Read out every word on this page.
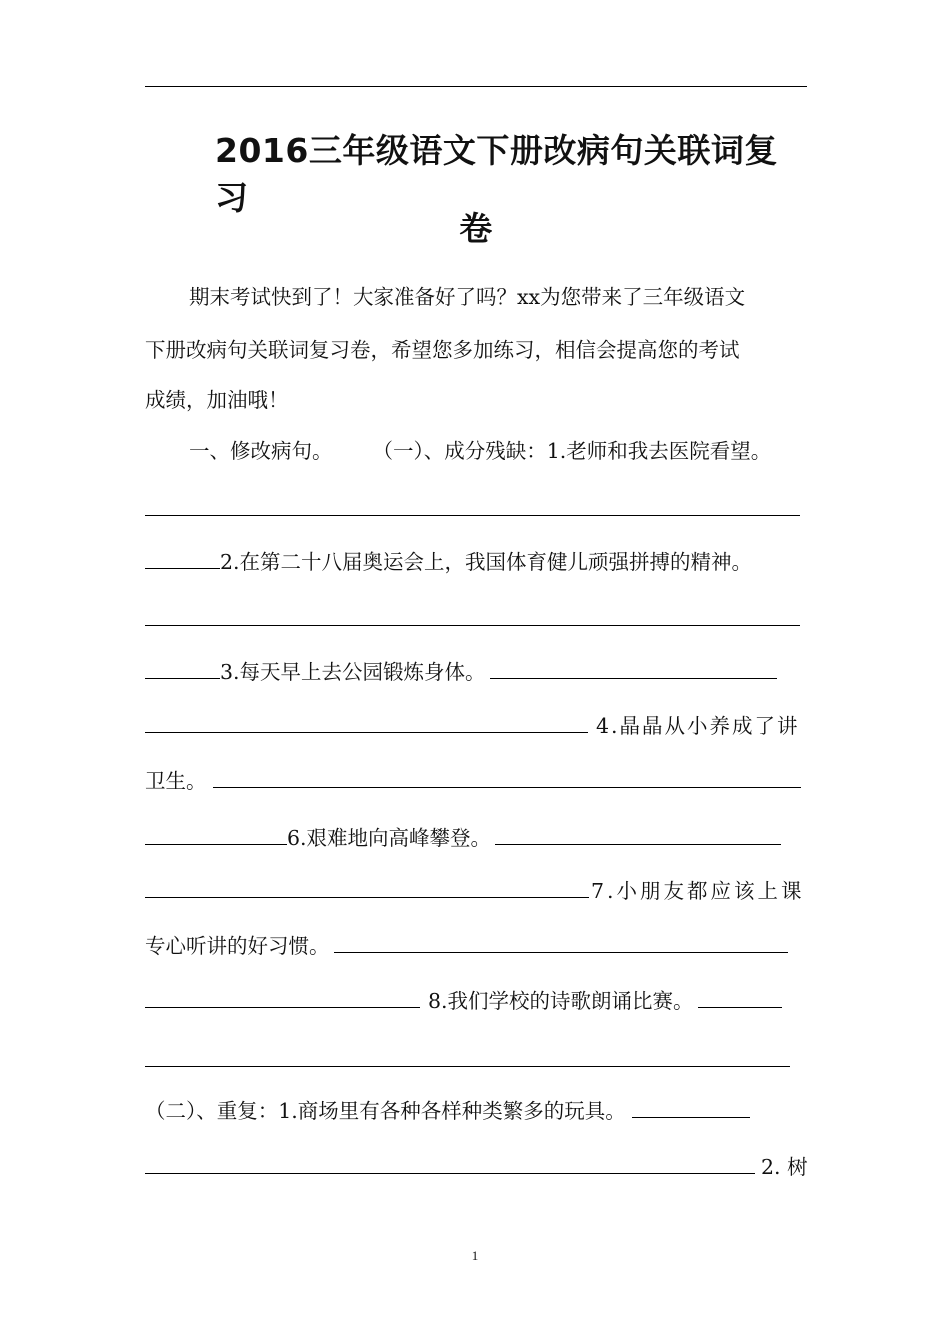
2016三年级语文下册改病句关联词复习
卷
期末考试快到了！大家准备好了吗？xx为您带来了三年级语文
下册改病句关联词复习卷，希望您多加练习，相信会提高您的考试
成绩，加油哦！
一、修改病句。 （一）、成分残缺：1.老师和我去医院看望。
2.在第二十八届奥运会上，我国体育健儿顽强拼搏的精神。
3.每天早上去公园锻炼身体。
4.晶晶从小养成了讲
卫生。
6.艰难地向高峰攀登。
7.小朋友都应该上课
专心听讲的好习惯。
8.我们学校的诗歌朗诵比赛。
（二）、重复：1.商场里有各种各样种类繁多的玩具。
2. 树
1
